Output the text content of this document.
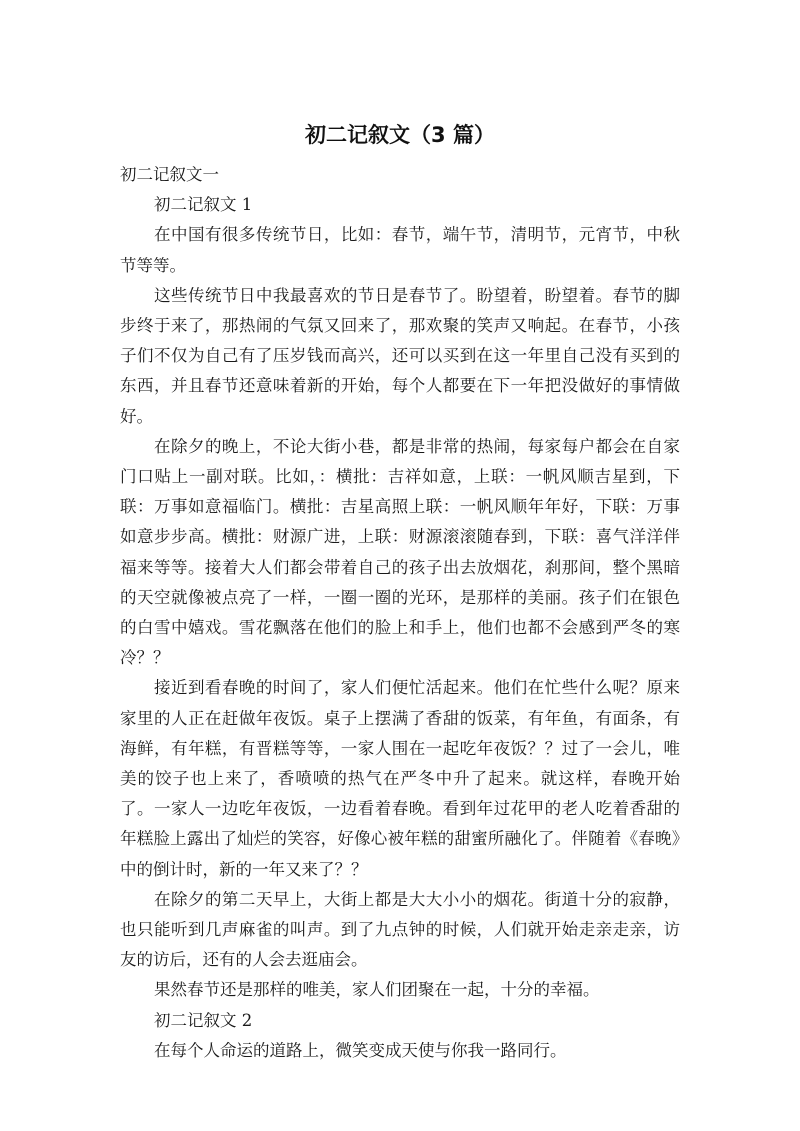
初二记叙文（3 篇）

初二记叙文一

初二记叙文 1

在中国有很多传统节日，比如：春节，端午节，清明节，元宵节，中秋节等等。

这些传统节日中我最喜欢的节日是春节了。盼望着，盼望着。春节的脚步终于来了，那热闹的气氛又回来了，那欢聚的笑声又响起。在春节，小孩子们不仅为自己有了压岁钱而高兴，还可以买到在这一年里自己没有买到的东西，并且春节还意味着新的开始，每个人都要在下一年把没做好的事情做好。

在除夕的晚上，不论大街小巷，都是非常的热闹，每家每户都会在自家门口贴上一副对联。比如，：横批：吉祥如意，上联：一帆风顺吉星到，下联：万事如意福临门。横批：吉星高照上联：一帆风顺年年好，下联：万事如意步步高。横批：财源广进，上联：财源滚滚随春到，下联：喜气洋洋伴福来等等。接着大人们都会带着自己的孩子出去放烟花，刹那间，整个黑暗的天空就像被点亮了一样，一圈一圈的光环，是那样的美丽。孩子们在银色的白雪中嬉戏。雪花飘落在他们的脸上和手上，他们也都不会感到严冬的寒冷？？

接近到看春晚的时间了，家人们便忙活起来。他们在忙些什么呢？原来家里的人正在赶做年夜饭。桌子上摆满了香甜的饭菜，有年鱼，有面条，有海鲜，有年糕，有晋糕等等，一家人围在一起吃年夜饭？？过了一会儿，唯美的饺子也上来了，香喷喷的热气在严冬中升了起来。就这样，春晚开始了。一家人一边吃年夜饭，一边看着春晚。看到年过花甲的老人吃着香甜的年糕脸上露出了灿烂的笑容，好像心被年糕的甜蜜所融化了。伴随着《春晚》中的倒计时，新的一年又来了？？

在除夕的第二天早上，大街上都是大大小小的烟花。街道十分的寂静，也只能听到几声麻雀的叫声。到了九点钟的时候，人们就开始走亲走亲，访友的访后，还有的人会去逛庙会。

果然春节还是那样的唯美，家人们团聚在一起，十分的幸福。

初二记叙文 2

在每个人命运的道路上，微笑变成天使与你我一路同行。
